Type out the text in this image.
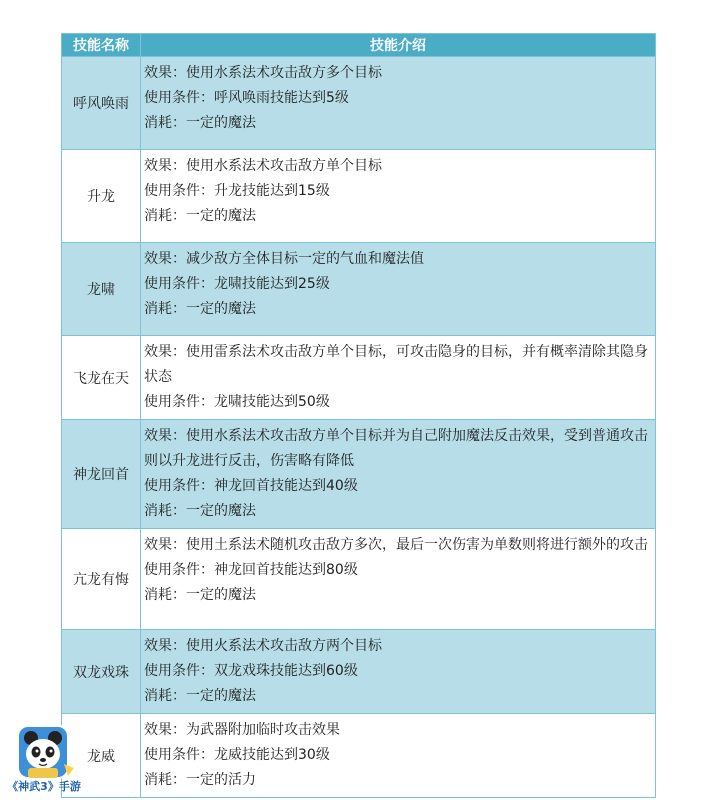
技能名称	技能介绍
呼风唤雨	效果：使用水系法术攻击敌方多个目标
使用条件：呼风唤雨技能达到5级
消耗：一定的魔法

升龙	效果：使用水系法术攻击敌方单个目标
使用条件：升龙技能达到15级
消耗：一定的魔法

龙啸	效果：减少敌方全体目标一定的气血和魔法值
使用条件：龙啸技能达到25级
消耗：一定的魔法

飞龙在天	效果：使用雷系法术攻击敌方单个目标，可攻击隐身的目标，并有概率清除其隐身状态
使用条件：龙啸技能达到50级

神龙回首	效果：使用水系法术攻击敌方单个目标并为自己附加魔法反击效果，受到普通攻击则以升龙进行反击，伤害略有降低
使用条件：神龙回首技能达到40级
消耗：一定的魔法

亢龙有悔	效果：使用土系法术随机攻击敌方多次，最后一次伤害为单数则将进行额外的攻击
使用条件：神龙回首技能达到80级
消耗：一定的魔法

双龙戏珠	效果：使用火系法术攻击敌方两个目标
使用条件：双龙戏珠技能达到60级
消耗：一定的魔法

龙威	效果：为武器附加临时攻击效果
使用条件：龙威技能达到30级
消耗：一定的活力
《神武3》手游
